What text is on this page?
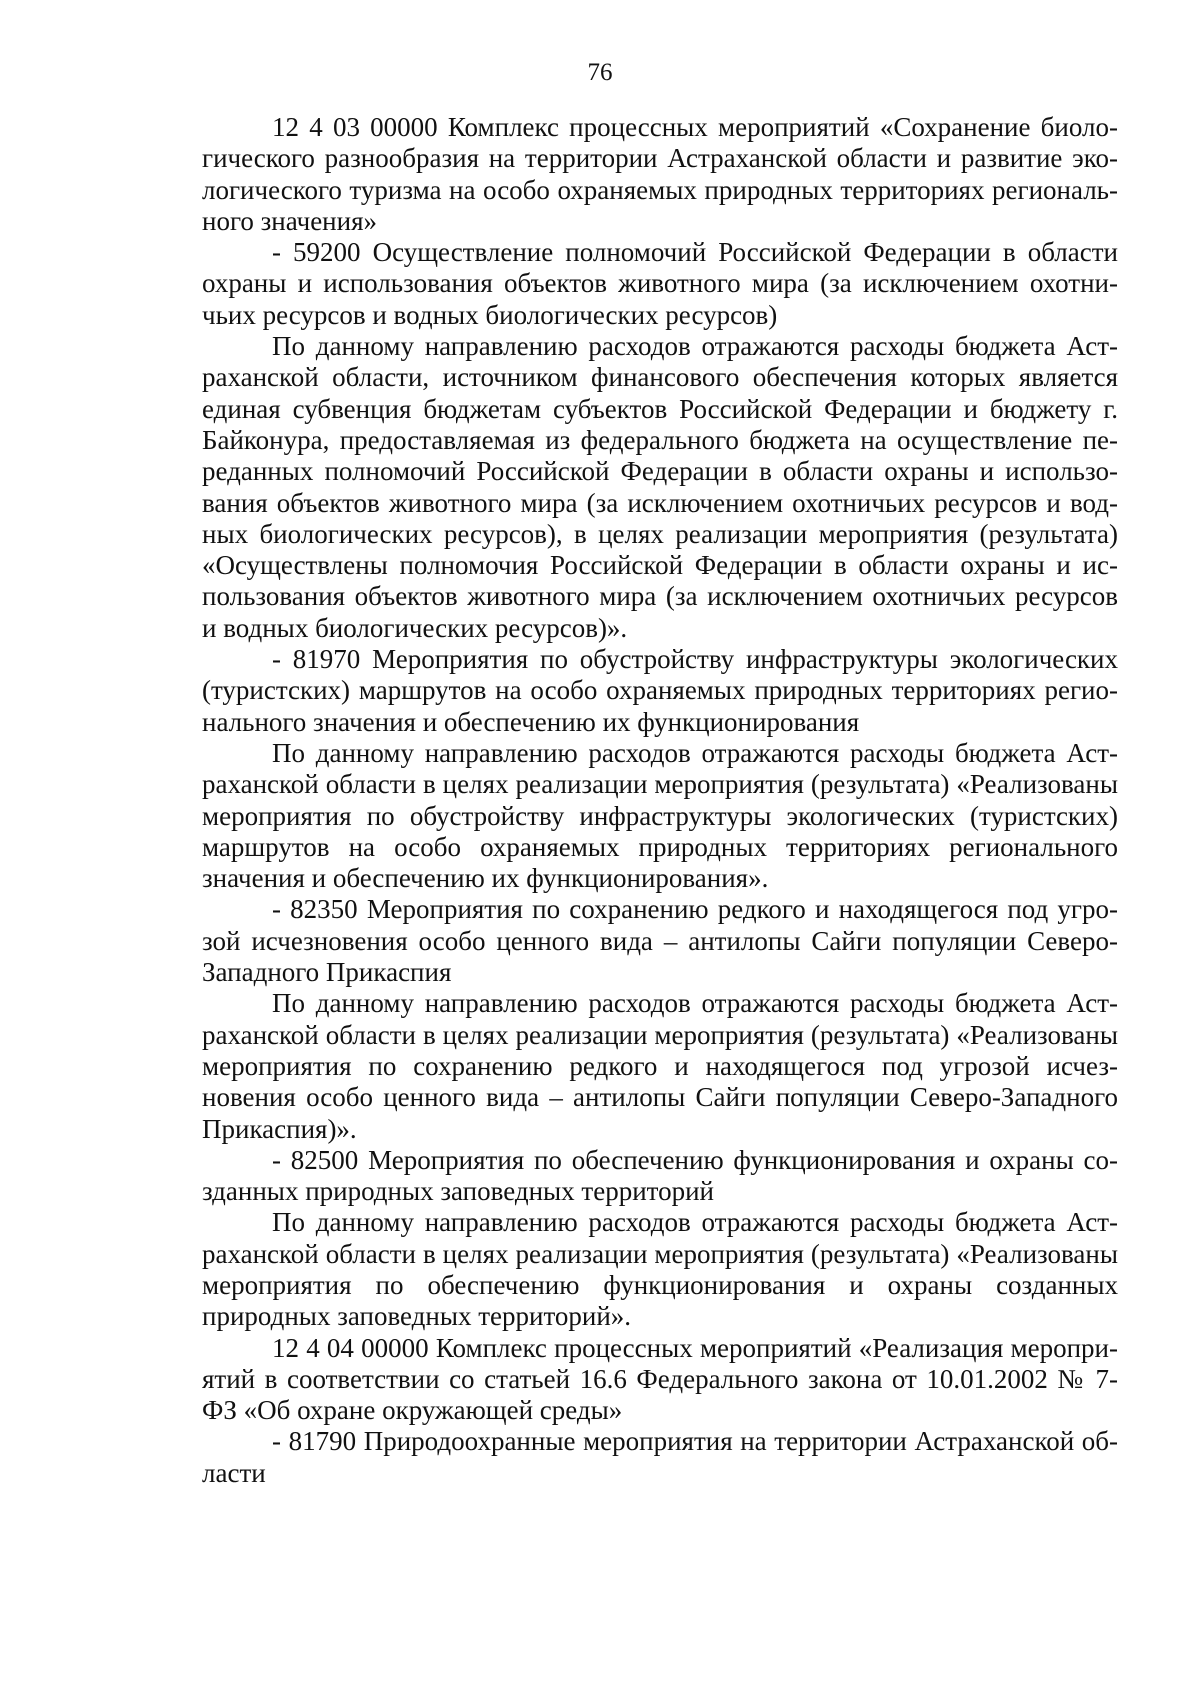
76

12 4 03 00000 Комплекс процессных мероприятий «Сохранение биологического разнообразия на территории Астраханской области и развитие экологического туризма на особо охраняемых природных территориях регионального значения»

- 59200 Осуществление полномочий Российской Федерации в области охраны и использования объектов животного мира (за исключением охотничьих ресурсов и водных биологических ресурсов)

По данному направлению расходов отражаются расходы бюджета Астраханской области, источником финансового обеспечения которых является единая субвенция бюджетам субъектов Российской Федерации и бюджету г. Байконура, предоставляемая из федерального бюджета на осуществление переданных полномочий Российской Федерации в области охраны и использования объектов животного мира (за исключением охотничьих ресурсов и водных биологических ресурсов), в целях реализации мероприятия (результата) «Осуществлены полномочия Российской Федерации в области охраны и использования объектов животного мира (за исключением охотничьих ресурсов и водных биологических ресурсов)».

- 81970 Мероприятия по обустройству инфраструктуры экологических (туристских) маршрутов на особо охраняемых природных территориях регионального значения и обеспечению их функционирования

По данному направлению расходов отражаются расходы бюджета Астраханской области в целях реализации мероприятия (результата) «Реализованы мероприятия по обустройству инфраструктуры экологических (туристских) маршрутов на особо охраняемых природных территориях регионального значения и обеспечению их функционирования».

- 82350 Мероприятия по сохранению редкого и находящегося под угрозой исчезновения особо ценного вида – антилопы Сайги популяции Северо-Западного Прикаспия

По данному направлению расходов отражаются расходы бюджета Астраханской области в целях реализации мероприятия (результата) «Реализованы мероприятия по сохранению редкого и находящегося под угрозой исчезновения особо ценного вида – антилопы Сайги популяции Северо-Западного Прикаспия)».

- 82500 Мероприятия по обеспечению функционирования и охраны созданных природных заповедных территорий

По данному направлению расходов отражаются расходы бюджета Астраханской области в целях реализации мероприятия (результата) «Реализованы мероприятия по обеспечению функционирования и охраны созданных природных заповедных территорий».

12 4 04 00000 Комплекс процессных мероприятий «Реализация мероприятий в соответствии со статьей 16.6 Федерального закона от 10.01.2002 № 7-ФЗ «Об охране окружающей среды»

- 81790 Природоохранные мероприятия на территории Астраханской области
